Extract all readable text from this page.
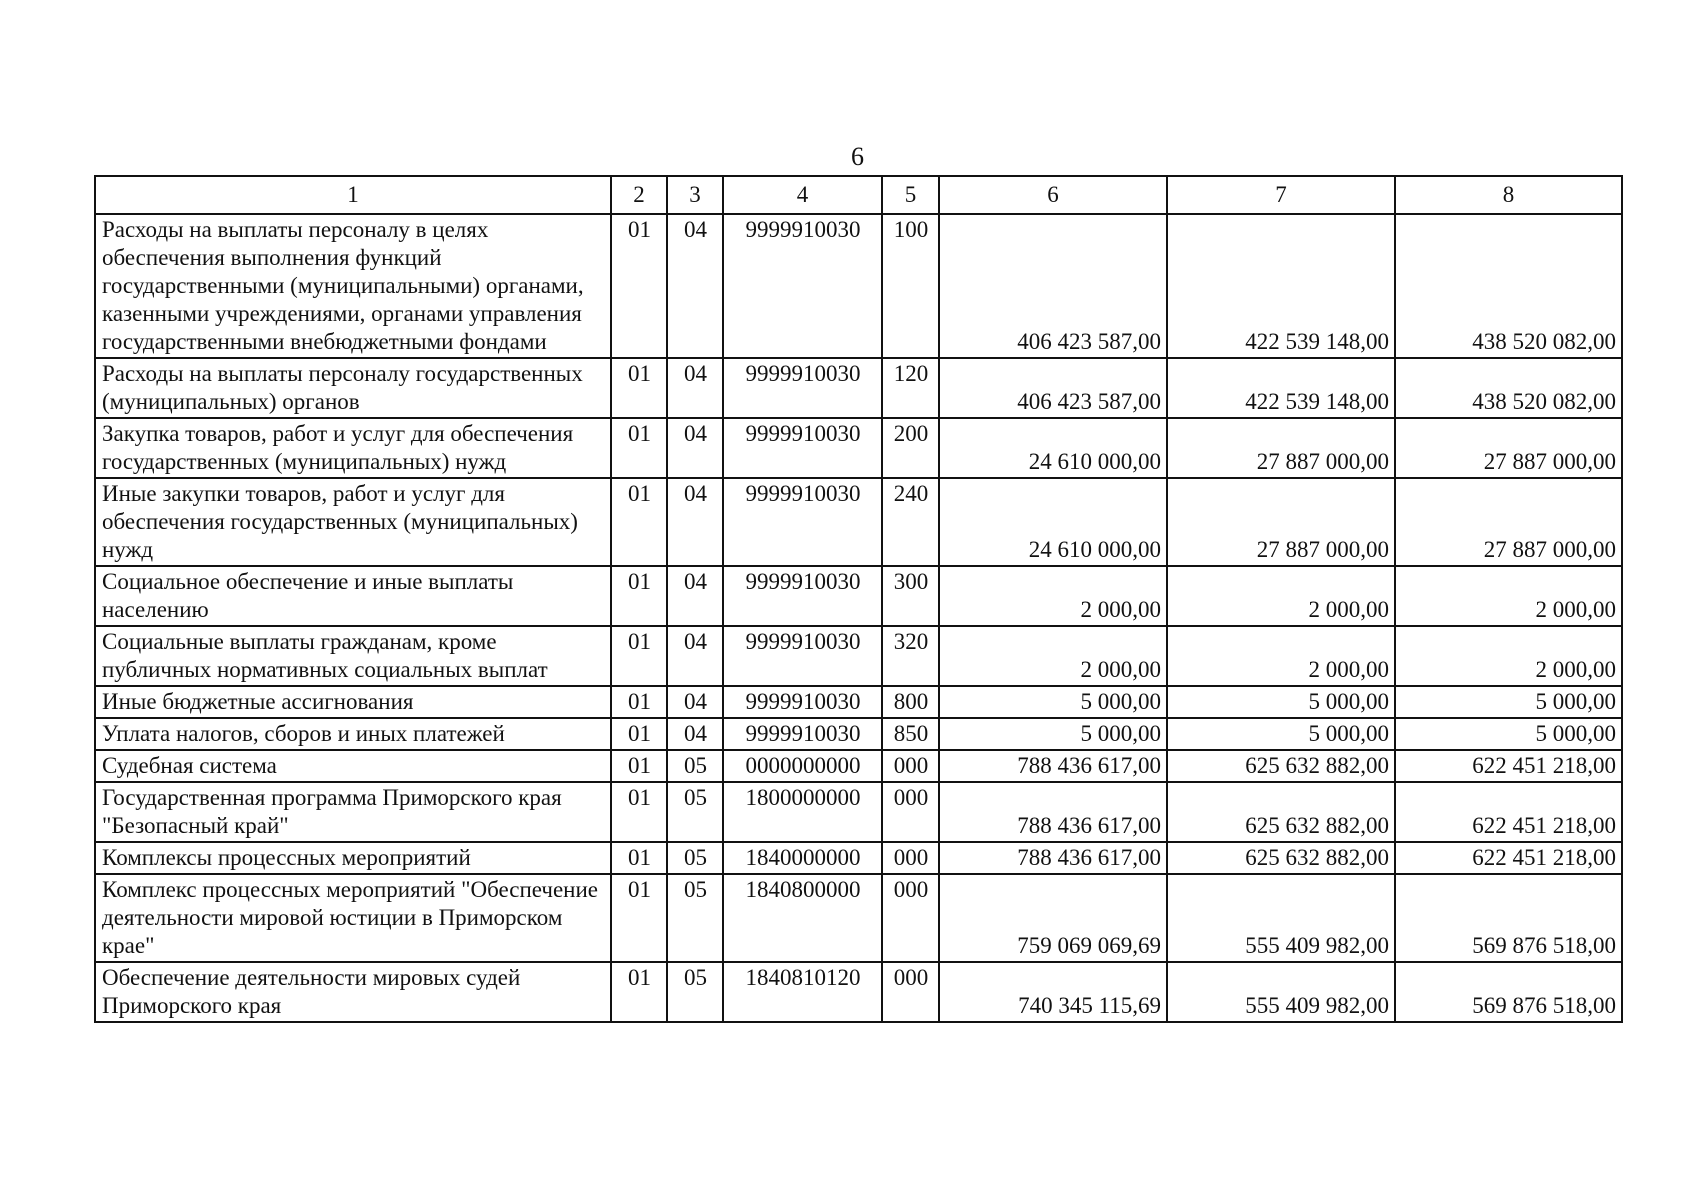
6
1	2	3	4	5	6	7	8
Расходы на выплаты персоналу в целях обеспечения выполнения функций государственными (муниципальными) органами, казенными учреждениями, органами управления государственными внебюджетными фондами	01	04	9999910030	100	406 423 587,00	422 539 148,00	438 520 082,00
Расходы на выплаты персоналу государственных (муниципальных) органов	01	04	9999910030	120	406 423 587,00	422 539 148,00	438 520 082,00
Закупка товаров, работ и услуг для обеспечения государственных (муниципальных) нужд	01	04	9999910030	200	24 610 000,00	27 887 000,00	27 887 000,00
Иные закупки товаров, работ и услуг для обеспечения государственных (муниципальных) нужд	01	04	9999910030	240	24 610 000,00	27 887 000,00	27 887 000,00
Социальное обеспечение и иные выплаты населению	01	04	9999910030	300	2 000,00	2 000,00	2 000,00
Социальные выплаты гражданам, кроме публичных нормативных социальных выплат	01	04	9999910030	320	2 000,00	2 000,00	2 000,00
Иные бюджетные ассигнования	01	04	9999910030	800	5 000,00	5 000,00	5 000,00
Уплата налогов, сборов и иных платежей	01	04	9999910030	850	5 000,00	5 000,00	5 000,00
Судебная система	01	05	0000000000	000	788 436 617,00	625 632 882,00	622 451 218,00
Государственная программа Приморского края "Безопасный край"	01	05	1800000000	000	788 436 617,00	625 632 882,00	622 451 218,00
Комплексы процессных мероприятий	01	05	1840000000	000	788 436 617,00	625 632 882,00	622 451 218,00
Комплекс процессных мероприятий "Обеспечение деятельности мировой юстиции в Приморском крае"	01	05	1840800000	000	759 069 069,69	555 409 982,00	569 876 518,00
Обеспечение деятельности мировых судей Приморского края	01	05	1840810120	000	740 345 115,69	555 409 982,00	569 876 518,00
